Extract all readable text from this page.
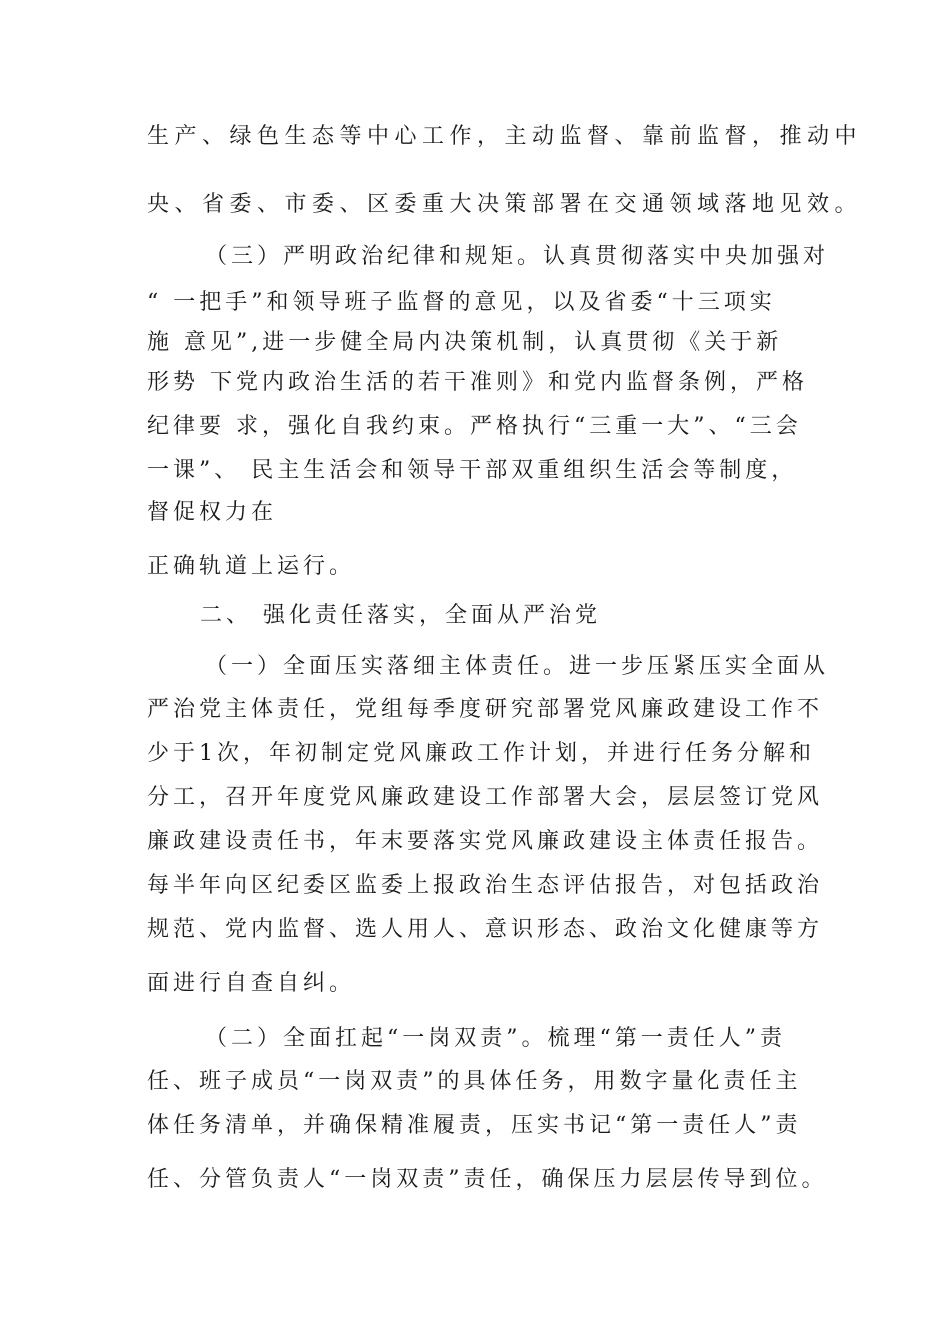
生产、绿色生态等中心工作，主动监督、靠前监督，推动中
央、省委、市委、区委重大决策部署在交通领域落地见效。
（三）严明政治纪律和规矩。认真贯彻落实中央加强对
“ 一把手”和领导班子监督的意见，以及省委“十三项实
施 意见”,进一步健全局内决策机制，认真贯彻《关于新
形势 下党内政治生活的若干准则》和党内监督条例，严格
纪律要 求，强化自我约束。严格执行“三重一大”、“三会
一课”、 民主生活会和领导干部双重组织生活会等制度，
督促权力在
正确轨道上运行。
二、 强化责任落实，全面从严治党
（一）全面压实落细主体责任。进一步压紧压实全面从
严治党主体责任，党组每季度研究部署党风廉政建设工作不
少于1次，年初制定党风廉政工作计划，并进行任务分解和
分工，召开年度党风廉政建设工作部署大会，层层签订党风
廉政建设责任书，年末要落实党风廉政建设主体责任报告。
每半年向区纪委区监委上报政治生态评估报告，对包括政治
规范、党内监督、选人用人、意识形态、政治文化健康等方
面进行自查自纠。
（二）全面扛起“一岗双责”。梳理“第一责任人”责
任、班子成员“一岗双责”的具体任务，用数字量化责任主
体任务清单，并确保精准履责，压实书记“第一责任人”责
任、分管负责人“一岗双责”责任，确保压力层层传导到位。
